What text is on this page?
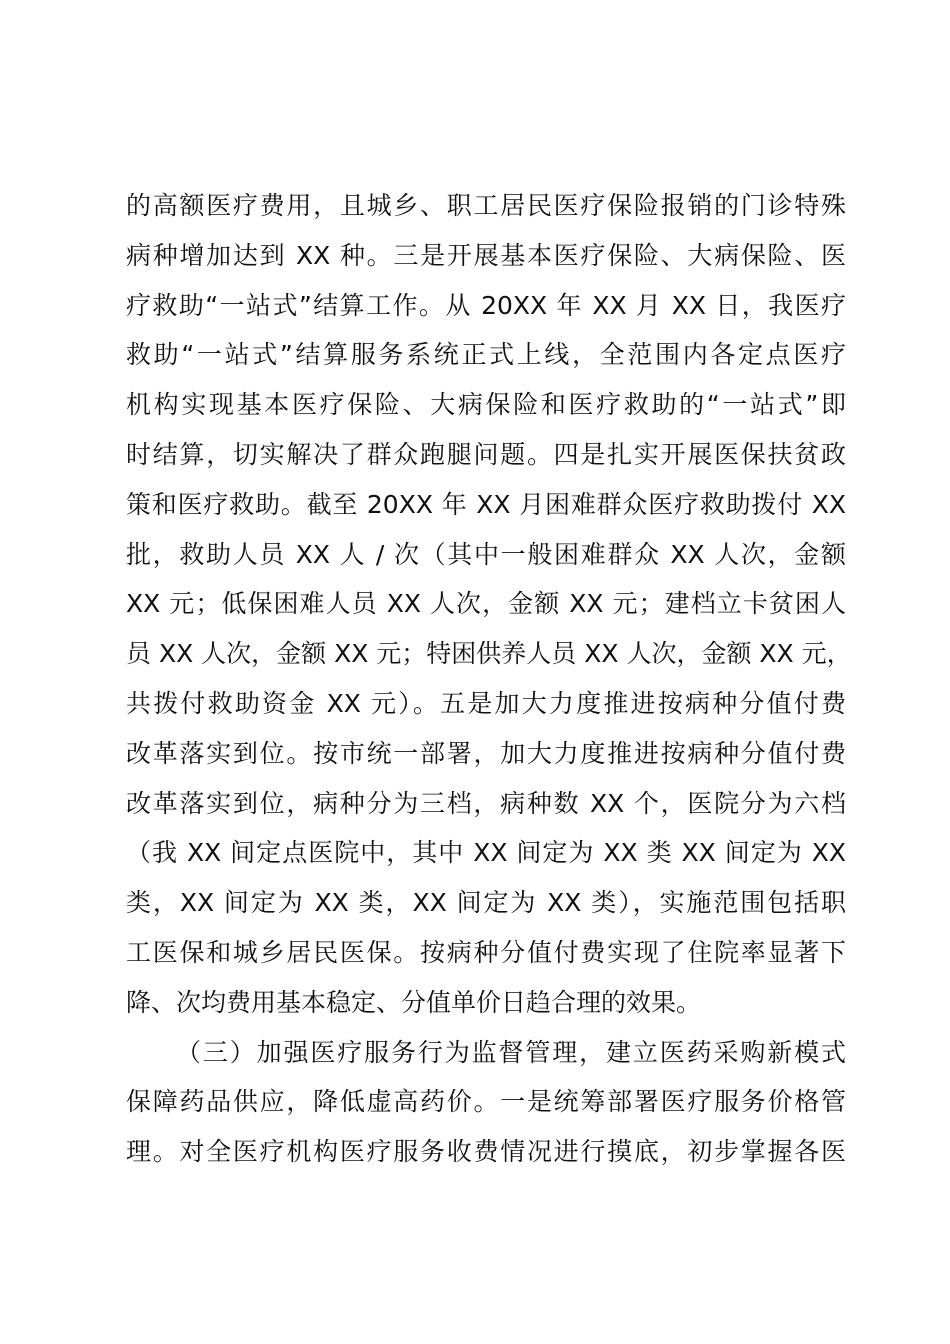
的高额医疗费用，且城乡、职工居民医疗保险报销的门诊特殊
病种增加达到 XX 种。三是开展基本医疗保险、大病保险、医
疗救助“一站式”结算工作。从 20XX 年 XX 月 XX 日，我医疗
救助“一站式”结算服务系统正式上线，全范围内各定点医疗
机构实现基本医疗保险、大病保险和医疗救助的“一站式”即
时结算，切实解决了群众跑腿问题。四是扎实开展医保扶贫政
策和医疗救助。截至 20XX 年 XX 月困难群众医疗救助拨付 XX
批，救助人员 XX 人 / 次（其中一般困难群众 XX 人次，金额
XX 元；低保困难人员 XX 人次，金额 XX 元；建档立卡贫困人
员 XX 人次，金额 XX 元；特困供养人员 XX 人次，金额 XX 元，
共拨付救助资金 XX 元）。五是加大力度推进按病种分值付费
改革落实到位。按市统一部署，加大力度推进按病种分值付费
改革落实到位，病种分为三档，病种数 XX 个，医院分为六档
（我 XX 间定点医院中，其中 XX 间定为 XX 类 XX 间定为 XX
类，XX 间定为 XX 类，XX 间定为 XX 类），实施范围包括职
工医保和城乡居民医保。按病种分值付费实现了住院率显著下
降、次均费用基本稳定、分值单价日趋合理的效果。
（三）加强医疗服务行为监督管理，建立医药采购新模式
保障药品供应，降低虚高药价。一是统筹部署医疗服务价格管
理。对全医疗机构医疗服务收费情况进行摸底，初步掌握各医
